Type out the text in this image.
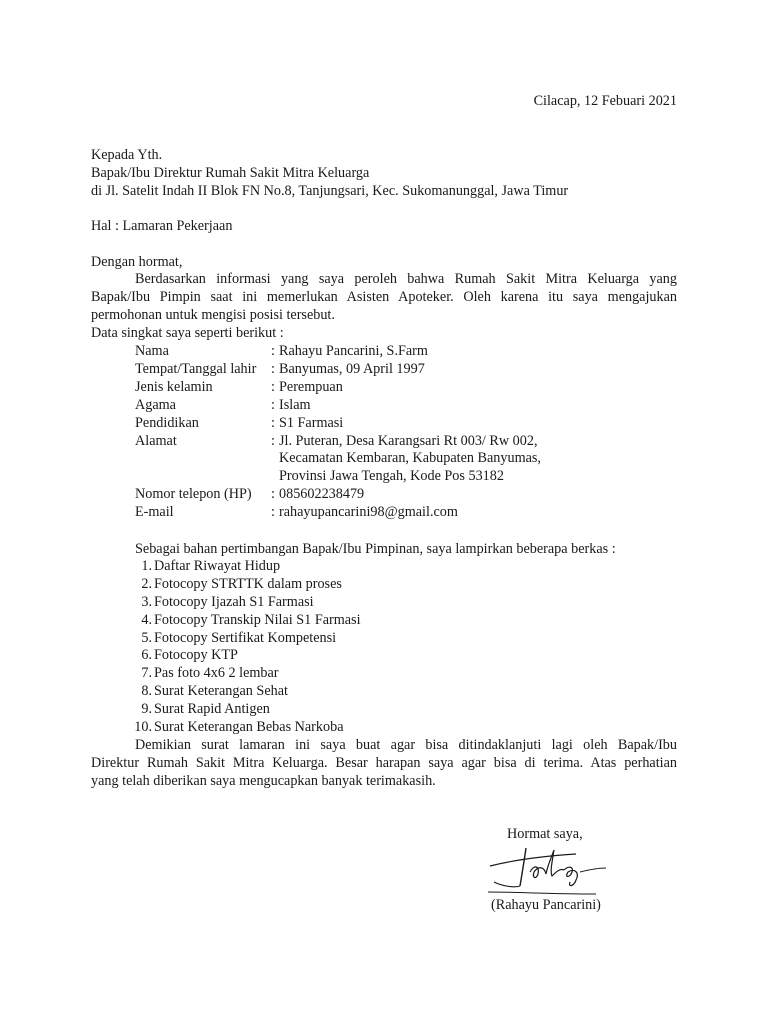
Cilacap, 12 Febuari 2021
Kepada Yth.
Bapak/Ibu Direktur Rumah Sakit Mitra Keluarga
di Jl. Satelit Indah II Blok FN No.8, Tanjungsari, Kec. Sukomanunggal, Jawa Timur
Hal : Lamaran Pekerjaan
Dengan hormat,
Berdasarkan informasi yang saya peroleh bahwa Rumah Sakit Mitra Keluarga yang
Bapak/Ibu Pimpin saat ini memerlukan Asisten Apoteker. Oleh karena itu saya mengajukan
permohonan untuk mengisi posisi tersebut.
Data singkat saya seperti berikut :
Nama	:	Rahayu Pancarini, S.Farm
Tempat/Tanggal lahir	:	Banyumas, 09 April 1997
Jenis kelamin	:	Perempuan
Agama	:	Islam
Pendidikan	:	S1 Farmasi
Alamat	:	Jl. Puteran, Desa Karangsari Rt 003/ Rw 002,
		Kecamatan Kembaran, Kabupaten Banyumas,
		Provinsi Jawa Tengah, Kode Pos 53182
Nomor telepon (HP)	:	085602238479
E-mail	:	rahayupancarini98@gmail.com
Sebagai bahan pertimbangan Bapak/Ibu Pimpinan, saya lampirkan beberapa berkas :
1. Daftar Riwayat Hidup
2. Fotocopy STRTTK dalam proses
3. Fotocopy Ijazah S1 Farmasi
4. Fotocopy Transkip Nilai S1 Farmasi
5. Fotocopy Sertifikat Kompetensi
6. Fotocopy KTP
7. Pas foto 4x6 2 lembar
8. Surat Keterangan Sehat
9. Surat Rapid Antigen
10. Surat Keterangan Bebas Narkoba
Demikian surat lamaran ini saya buat agar bisa ditindaklanjuti lagi oleh Bapak/Ibu
Direktur Rumah Sakit Mitra Keluarga. Besar harapan saya agar bisa di terima. Atas perhatian
yang telah diberikan saya mengucapkan banyak terimakasih.
Hormat saya,
(Rahayu Pancarini)
